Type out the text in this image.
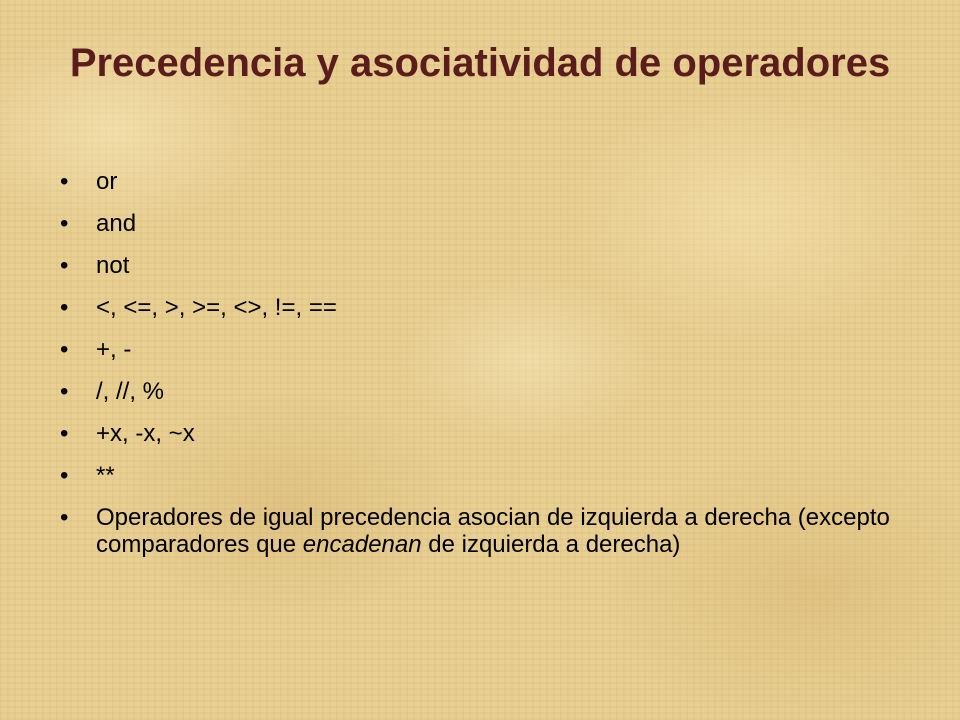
Precedencia y asociatividad de operadores
•	or
•	and
•	not
•	<, <=, >, >=, <>, !=, ==
•	+, -
•	/, //, %
•	+x, -x, ~x
•	**
•	Operadores de igual precedencia asocian de izquierda a derecha (excepto comparadores que encadenan de izquierda a derecha)
